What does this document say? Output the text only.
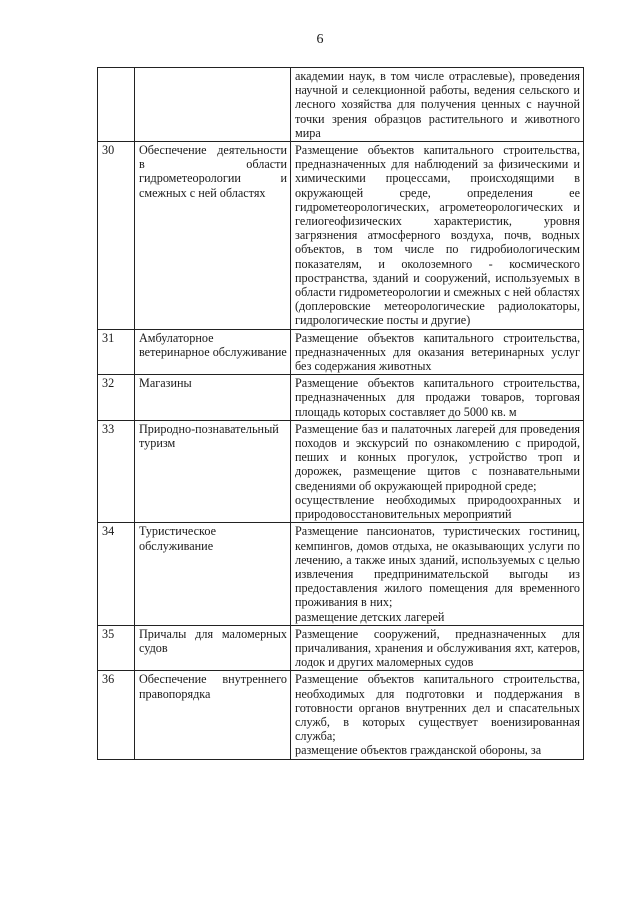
6

		академии наук, в том числе отраслевые), проведения научной и селекционной работы, ведения сельского и лесного хозяйства для получения ценных с научной точки зрения образцов растительного и животного мира

30	Обеспечение деятельности в области гидрометеорологии и смежных с ней областях	Размещение объектов капитального строительства, предназначенных для наблюдений за физическими и химическими процессами, происходящими в окружающей среде, определения ее гидрометеорологических, агрометеорологических и гелиогеофизических характеристик, уровня загрязнения атмосферного воздуха, почв, водных объектов, в том числе по гидробиологическим показателям, и околоземного - космического пространства, зданий и сооружений, используемых в области гидрометеорологии и смежных с ней областях (доплеровские метеорологические радиолокаторы, гидрологические посты и другие)

31	Амбулаторное ветеринарное обслуживание	Размещение объектов капитального строительства, предназначенных для оказания ветеринарных услуг без содержания животных

32	Магазины	Размещение объектов капитального строительства, предназначенных для продажи товаров, торговая площадь которых составляет до 5000 кв. м

33	Природно-познавательный туризм	Размещение баз и палаточных лагерей для проведения походов и экскурсий по ознакомлению с природой, пеших и конных прогулок, устройство троп и дорожек, размещение щитов с познавательными сведениями об окружающей природной среде;
осуществление необходимых природоохранных и природовосстановительных мероприятий

34	Туристическое обслуживание	Размещение пансионатов, туристических гостиниц, кемпингов, домов отдыха, не оказывающих услуги по лечению, а также иных зданий, используемых с целью извлечения предпринимательской выгоды из предоставления жилого помещения для временного проживания в них;
размещение детских лагерей

35	Причалы для маломерных судов	Размещение сооружений, предназначенных для причаливания, хранения и обслуживания яхт, катеров, лодок и других маломерных судов

36	Обеспечение внутреннего правопорядка	Размещение объектов капитального строительства, необходимых для подготовки и поддержания в готовности органов внутренних дел и спасательных служб, в которых существует военизированная служба;
размещение объектов гражданской обороны, за
